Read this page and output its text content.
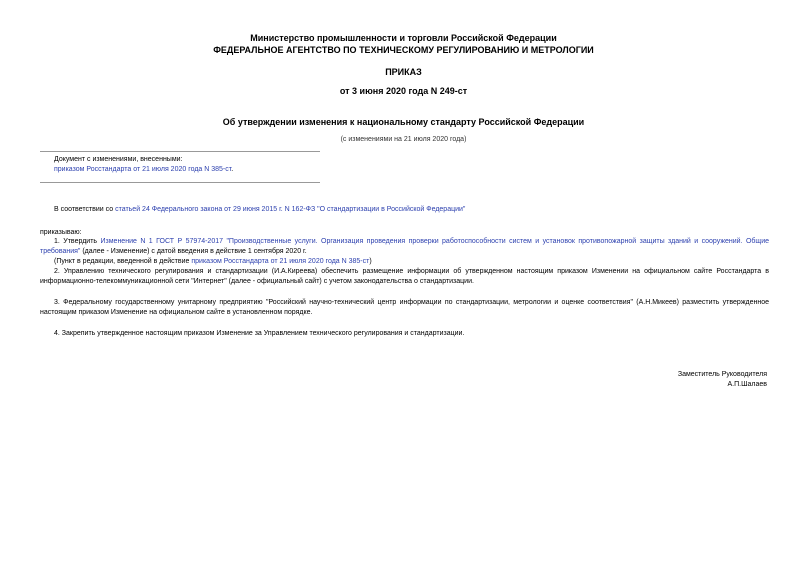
Министерство промышленности и торговли Российской Федерации
ФЕДЕРАЛЬНОЕ АГЕНТСТВО ПО ТЕХНИЧЕСКОМУ РЕГУЛИРОВАНИЮ И МЕТРОЛОГИИ
ПРИКАЗ
от 3 июня 2020 года N 249-ст
Об утверждении изменения к национальному стандарту Российской Федерации
(с изменениями на 21 июля 2020 года)
Документ с изменениями, внесенными:
приказом Росстандарта от 21 июля 2020 года N 385-ст.
В соответствии со статьей 24 Федерального закона от 29 июня 2015 г. N 162-ФЗ "О стандартизации в Российской Федерации"
приказываю:
1. Утвердить Изменение N 1 ГОСТ Р 57974-2017 "Производственные услуги. Организация проведения проверки работоспособности систем и установок противопожарной защиты зданий и сооружений. Общие требования" (далее - Изменение) с датой введения в действие 1 сентября 2020 г.
(Пункт в редакции, введенной в действие приказом Росстандарта от 21 июля 2020 года N 385-ст)
2. Управлению технического регулирования и стандартизации (И.А.Киреева) обеспечить размещение информации об утвержденном настоящим приказом Изменении на официальном сайте Росстандарта в информационно-телекоммуникационной сети "Интернет" (далее - официальный сайт) с учетом законодательства о стандартизации.
3. Федеральному государственному унитарному предприятию "Российский научно-технический центр информации по стандартизации, метрологии и оценке соответствия" (А.Н.Микеев) разместить утвержденное настоящим приказом Изменение на официальном сайте в установленном порядке.
4. Закрепить утвержденное настоящим приказом Изменение за Управлением технического регулирования и стандартизации.
Заместитель Руководителя
А.П.Шалаев
